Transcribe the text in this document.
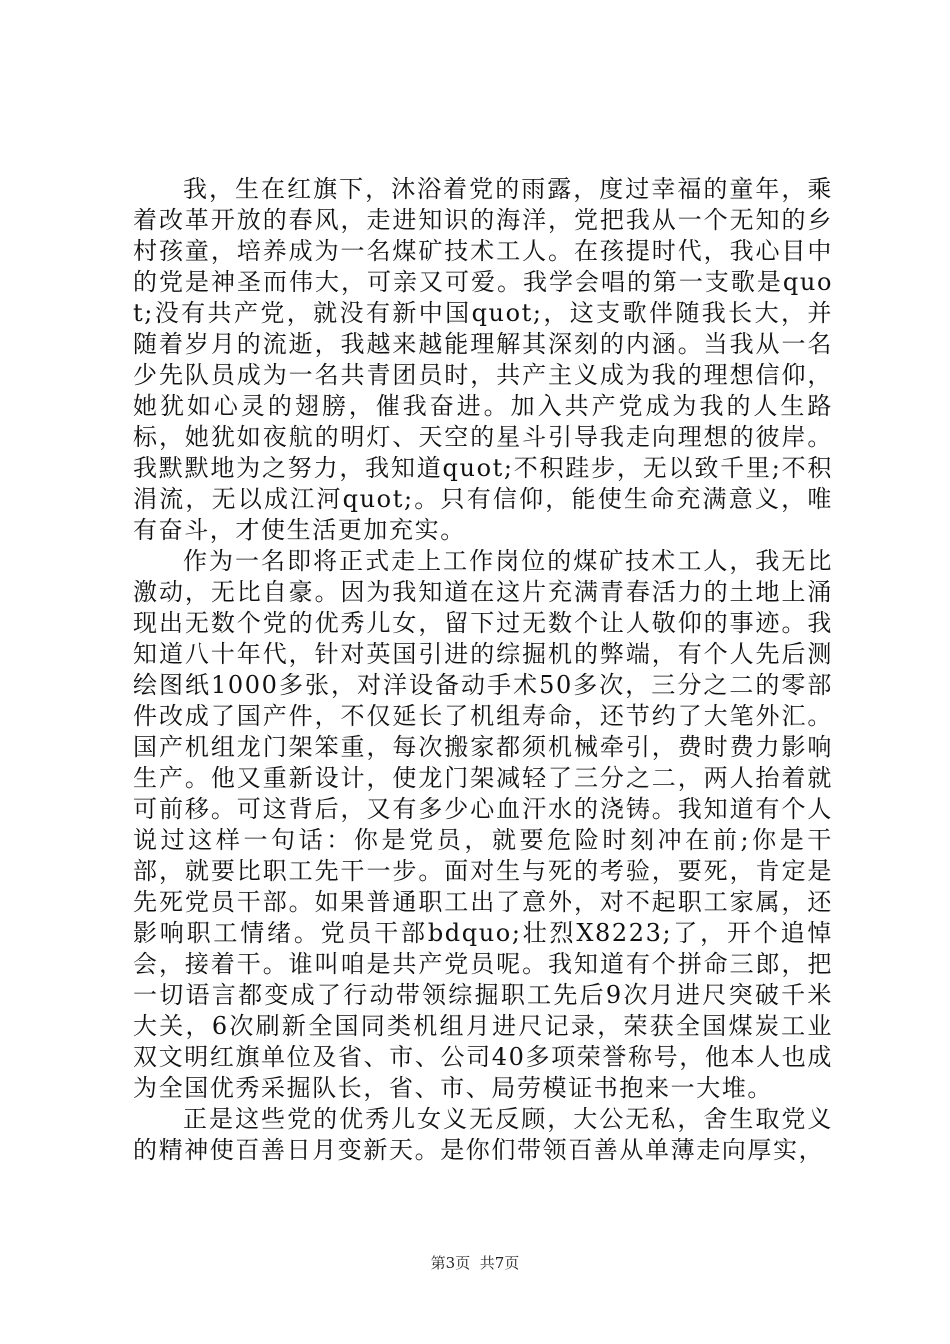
我，生在红旗下，沐浴着党的雨露，度过幸福的童年，乘着改革开放的春风，走进知识的海洋，党把我从一个无知的乡村孩童，培养成为一名煤矿技术工人。在孩提时代，我心目中的党是神圣而伟大，可亲又可爱。我学会唱的第一支歌是quot;没有共产党，就没有新中国quot;，这支歌伴随我长大，并随着岁月的流逝，我越来越能理解其深刻的内涵。当我从一名少先队员成为一名共青团员时，共产主义成为我的理想信仰，她犹如心灵的翅膀，催我奋进。加入共产党成为我的人生路标，她犹如夜航的明灯、天空的星斗引导我走向理想的彼岸。我默默地为之努力，我知道quot;不积跬步，无以致千里;不积涓流，无以成江河quot;。只有信仰，能使生命充满意义，唯有奋斗，才使生活更加充实。

作为一名即将正式走上工作岗位的煤矿技术工人，我无比激动，无比自豪。因为我知道在这片充满青春活力的土地上涌现出无数个党的优秀儿女，留下过无数个让人敬仰的事迹。我知道八十年代，针对英国引进的综掘机的弊端，有个人先后测绘图纸1000多张，对洋设备动手术50多次，三分之二的零部件改成了国产件，不仅延长了机组寿命，还节约了大笔外汇。国产机组龙门架笨重，每次搬家都须机械牵引，费时费力影响生产。他又重新设计，使龙门架减轻了三分之二，两人抬着就可前移。可这背后，又有多少心血汗水的浇铸。我知道有个人说过这样一句话：你是党员，就要危险时刻冲在前;你是干部，就要比职工先干一步。面对生与死的考验，要死，肯定是先死党员干部。如果普通职工出了意外，对不起职工家属，还影响职工情绪。党员干部bdquo;壮烈X8223;了，开个追悼会，接着干。谁叫咱是共产党员呢。我知道有个拼命三郎，把一切语言都变成了行动带领综掘职工先后9次月进尺突破千米大关，6次刷新全国同类机组月进尺记录，荣获全国煤炭工业双文明红旗单位及省、市、公司40多项荣誉称号，他本人也成为全国优秀采掘队长，省、市、局劳模证书抱来一大堆。

正是这些党的优秀儿女义无反顾，大公无私，舍生取党义的精神使百善日月变新天。是你们带领百善从单薄走向厚实，

第3页 共7页
